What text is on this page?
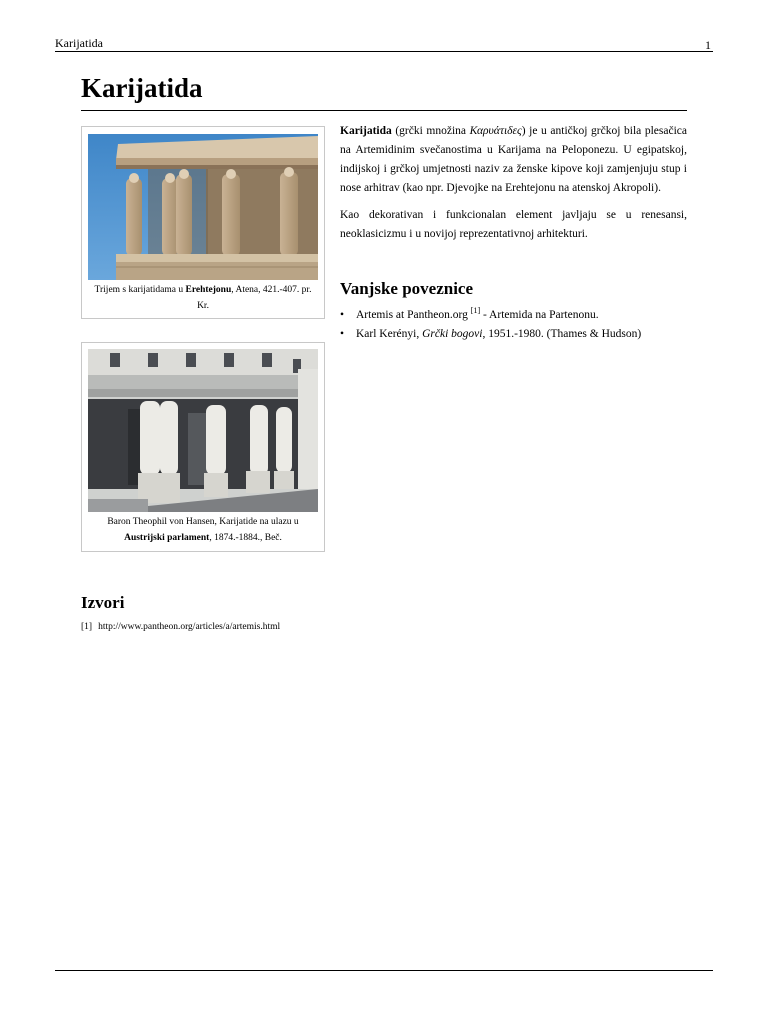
Karijatida	1
Karijatida
Trijem s karijatidama u Erehtejonu, Atena, 421.-407. pr. Kr.
Baron Theophil von Hansen, Karijatide na ulazu u Austrijski parlament, 1874.-1884., Beč.

Karijatida (grčki množina Καρυάτιδες) je u antičkoj grčkoj bila plesačica na Artemidinim svečanostima u Karijama na Peloponezu. U egipatskoj, indijskoj i grčkoj umjetnosti naziv za ženske kipove koji zamjenjuju stup i nose arhitrav (kao npr. Djevojke na Erehtejonu na atenskoj Akropoli).

Kao dekorativan i funkcionalan element javljaju se u renesansi, neoklasicizmu i u novijoj reprezentativnoj arhitekturi.

Vanjske poveznice
• Artemis at Pantheon.org [1] - Artemida na Partenonu.
• Karl Kerényi, Grčki bogovi, 1951.-1980. (Thames & Hudson)
Izvori
[1] http://www.pantheon.org/articles/a/artemis.html
